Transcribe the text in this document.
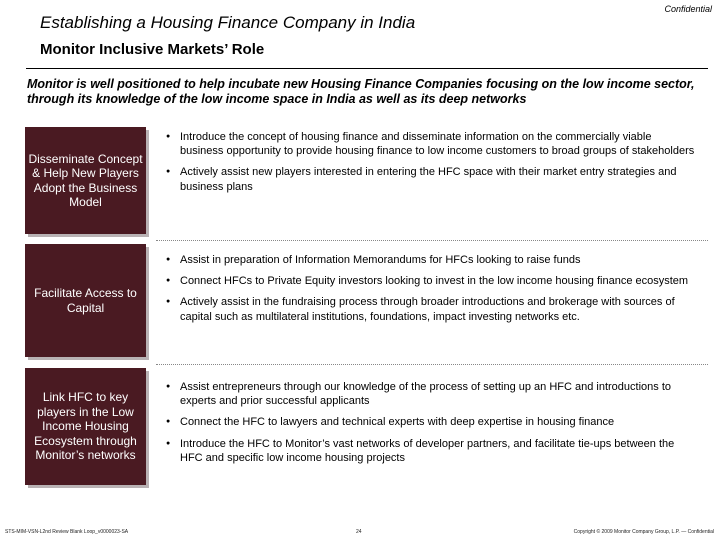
Confidential
Establishing a Housing Finance Company in India
Monitor Inclusive Markets’ Role
Monitor is well positioned to help incubate new Housing Finance Companies focusing on the low income sector, through its knowledge of the low income space in India as well as its deep networks
Disseminate Concept & Help New Players Adopt the Business Model
● Introduce the concept of housing finance and disseminate information on the commercially viable business opportunity to provide housing finance to low income customers to broad groups of stakeholders
● Actively assist new players interested in entering the HFC space with their market entry strategies and business plans
Facilitate Access to Capital
● Assist in preparation of Information Memorandums for HFCs looking to raise funds
● Connect HFCs to Private Equity investors looking to invest in the low income housing finance ecosystem
● Actively assist in the fundraising process through broader introductions and brokerage with sources of capital such as multilateral institutions, foundations, impact investing networks etc.
Link HFC to key players in the Low Income Housing Ecosystem through Monitor’s networks
● Assist entrepreneurs through our knowledge of the process of setting up an HFC and introductions to experts and prior successful applicants
● Connect the HFC to lawyers and technical experts with deep expertise in housing finance
● Introduce the HFC to Monitor’s vast networks of developer partners, and facilitate tie-ups between the HFC and specific low income housing projects
STS-MIM-VSN-L2nd Review Blank Loop_v0000023-SA	24	Copyright © 2009 Monitor Company Group, L.P. — Confidential
